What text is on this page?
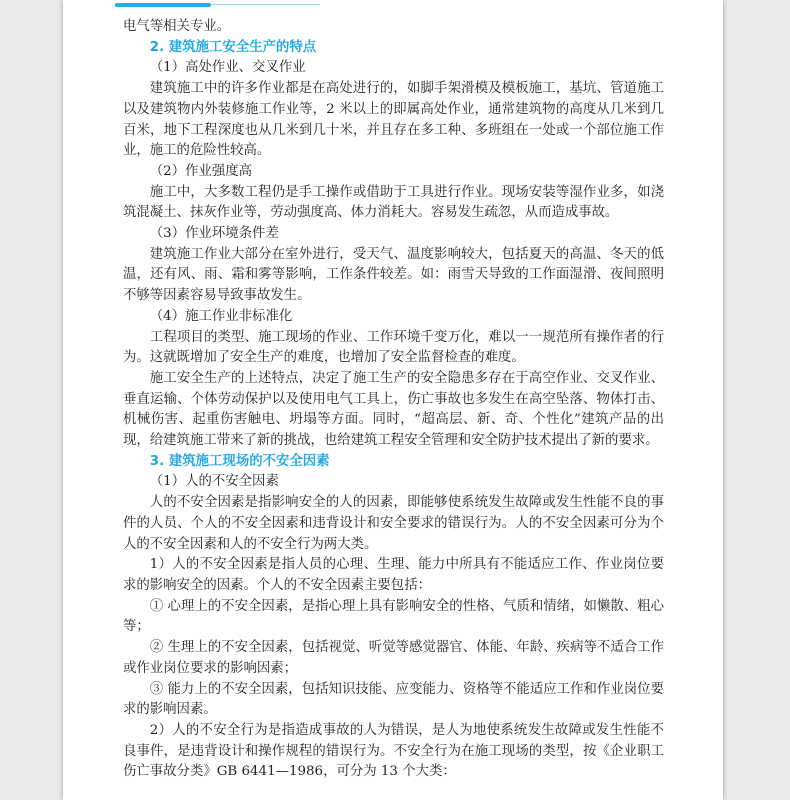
电气等相关专业。

2. 建筑施工安全生产的特点

（1）高处作业、交叉作业

建筑施工中的许多作业都是在高处进行的，如脚手架滑模及模板施工，基坑、管道施工以及建筑物内外装修施工作业等，2 米以上的即属高处作业，通常建筑物的高度从几米到几百米，地下工程深度也从几米到几十米，并且存在多工种、多班组在一处或一个部位施工作业，施工的危险性较高。

（2）作业强度高

施工中，大多数工程仍是手工操作或借助于工具进行作业。现场安装等湿作业多，如浇筑混凝土、抹灰作业等，劳动强度高、体力消耗大。容易发生疏忽，从而造成事故。

（3）作业环境条件差

建筑施工作业大部分在室外进行，受天气、温度影响较大，包括夏天的高温、冬天的低温，还有风、雨、霜和雾等影响，工作条件较差。如：雨雪天导致的工作面湿滑、夜间照明不够等因素容易导致事故发生。

（4）施工作业非标准化

工程项目的类型、施工现场的作业、工作环境千变万化，难以一一规范所有操作者的行为。这就既增加了安全生产的难度，也增加了安全监督检查的难度。

施工安全生产的上述特点，决定了施工生产的安全隐患多存在于高空作业、交叉作业、垂直运输、个体劳动保护以及使用电气工具上，伤亡事故也多发生在高空坠落、物体打击、机械伤害、起重伤害触电、坍塌等方面。同时，“超高层、新、奇、个性化”建筑产品的出现，给建筑施工带来了新的挑战，也给建筑工程安全管理和安全防护技术提出了新的要求。

3. 建筑施工现场的不安全因素

（1）人的不安全因素

人的不安全因素是指影响安全的人的因素，即能够使系统发生故障或发生性能不良的事件的人员、个人的不安全因素和违背设计和安全要求的错误行为。人的不安全因素可分为个人的不安全因素和人的不安全行为两大类。

1）人的不安全因素是指人员的心理、生理、能力中所具有不能适应工作、作业岗位要求的影响安全的因素。个人的不安全因素主要包括：

① 心理上的不安全因素，是指心理上具有影响安全的性格、气质和情绪，如懒散、粗心等；

② 生理上的不安全因素，包括视觉、听觉等感觉器官、体能、年龄、疾病等不适合工作或作业岗位要求的影响因素；

③ 能力上的不安全因素，包括知识技能、应变能力、资格等不能适应工作和作业岗位要求的影响因素。

2）人的不安全行为是指造成事故的人为错误，是人为地使系统发生故障或发生性能不良事件，是违背设计和操作规程的错误行为。不安全行为在施工现场的类型，按《企业职工伤亡事故分类》GB 6441—1986，可分为 13 个大类：
